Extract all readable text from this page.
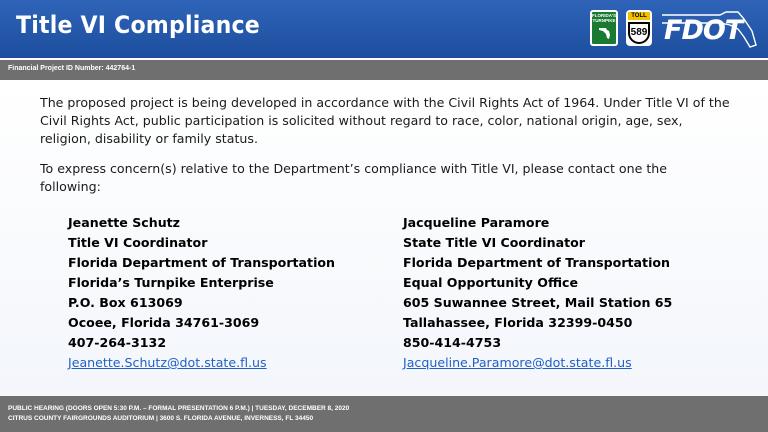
Title VI Compliance	FLORIDA'S TURNPIKE
TOLL
589 FDOT
Financial Project ID Number: 442764-1

The proposed project is being developed in accordance with the Civil Rights Act of 1964. Under Title VI of the Civil Rights Act, public participation is solicited without regard to race, color, national origin, age, sex, religion, disability or family status.

To express concern(s) relative to the Department’s compliance with Title VI, please contact one the following:

Jeanette Schutz
Title VI Coordinator
Florida Department of Transportation
Florida’s Turnpike Enterprise
P.O. Box 613069
Ocoee, Florida 34761-3069
407-264-3132
Jeanette.Schutz@dot.state.fl.us
Jacqueline Paramore
State Title VI Coordinator
Florida Department of Transportation
Equal Opportunity Office
605 Suwannee Street, Mail Station 65
Tallahassee, Florida 32399-0450
850-414-4753
Jacqueline.Paramore@dot.state.fl.us
PUBLIC HEARING (DOORS OPEN 5:30 P.M. – FORMAL PRESENTATION 6 P.M.) | TUESDAY, DECEMBER 8, 2020
CITRUS COUNTY FAIRGROUNDS AUDITORIUM | 3600 S. FLORIDA AVENUE, INVERNESS, FL 34450
